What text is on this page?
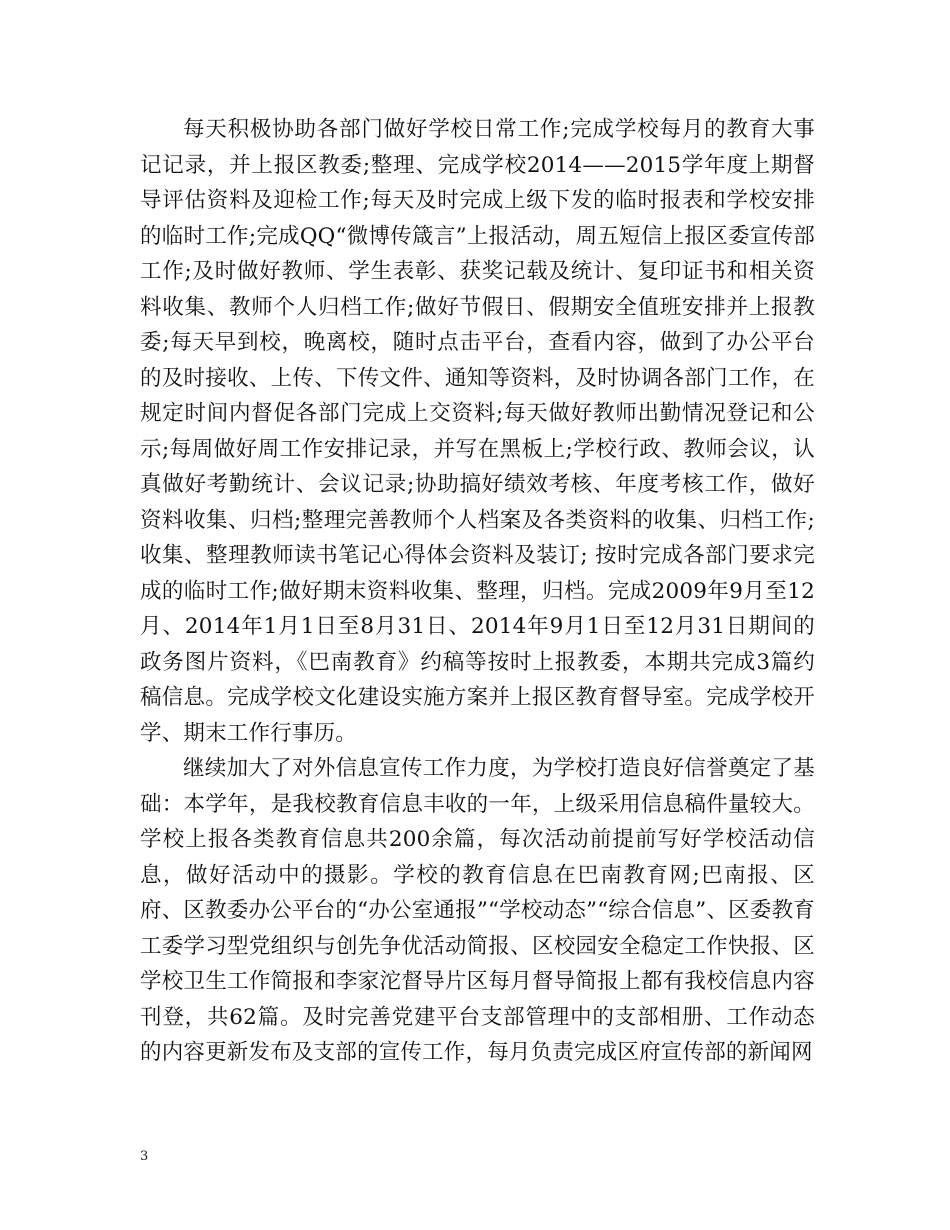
每天积极协助各部门做好学校日常工作;完成学校每月的教育大事记记录，并上报区教委;整理、完成学校2014——2015学年度上期督导评估资料及迎检工作;每天及时完成上级下发的临时报表和学校安排的临时工作;完成QQ“微博传箴言”上报活动，周五短信上报区委宣传部工作;及时做好教师、学生表彰、获奖记载及统计、复印证书和相关资料收集、教师个人归档工作;做好节假日、假期安全值班安排并上报教委;每天早到校，晚离校，随时点击平台，查看内容，做到了办公平台的及时接收、上传、下传文件、通知等资料，及时协调各部门工作，在规定时间内督促各部门完成上交资料;每天做好教师出勤情况登记和公示;每周做好周工作安排记录，并写在黑板上;学校行政、教师会议，认真做好考勤统计、会议记录;协助搞好绩效考核、年度考核工作，做好资料收集、归档;整理完善教师个人档案及各类资料的收集、归档工作;收集、整理教师读书笔记心得体会资料及装订; 按时完成各部门要求完成的临时工作;做好期末资料收集、整理，归档。完成2009年9月至12月、2014年1月1日至8月31日、2014年9月1日至12月31日期间的政务图片资料，《巴南教育》约稿等按时上报教委，本期共完成3篇约稿信息。完成学校文化建设实施方案并上报区教育督导室。完成学校开学、期末工作行事历。

继续加大了对外信息宣传工作力度，为学校打造良好信誉奠定了基础：本学年，是我校教育信息丰收的一年，上级采用信息稿件量较大。学校上报各类教育信息共200余篇，每次活动前提前写好学校活动信息，做好活动中的摄影。学校的教育信息在巴南教育网;巴南报、区府、区教委办公平台的“办公室通报”“学校动态”“综合信息”、区委教育工委学习型党组织与创先争优活动简报、区校园安全稳定工作快报、区学校卫生工作简报和李家沱督导片区每月督导简报上都有我校信息内容刊登，共62篇。及时完善党建平台支部管理中的支部相册、工作动态的内容更新发布及支部的宣传工作，每月负责完成区府宣传部的新闻网

3
